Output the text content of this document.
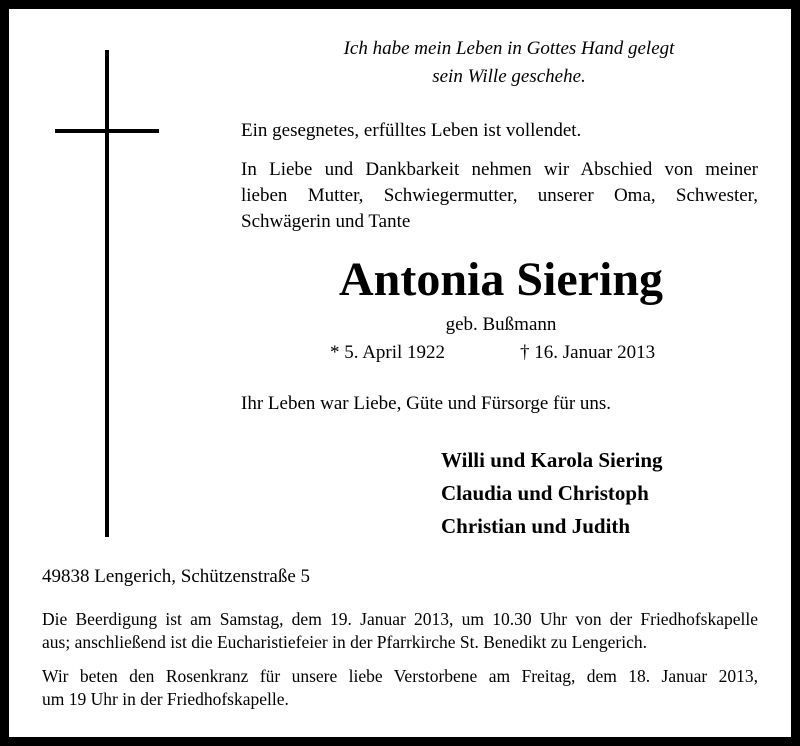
Ich habe mein Leben in Gottes Hand gelegt
sein Wille geschehe.
Ein gesegnetes, erfülltes Leben ist vollendet.
In Liebe und Dankbarkeit nehmen wir Abschied von meiner
lieben Mutter, Schwiegermutter, unserer Oma, Schwester,
Schwägerin und Tante
Antonia Siering
geb. Bußmann
* 5. April 1922	† 16. Januar 2013
Ihr Leben war Liebe, Güte und Fürsorge für uns.
Willi und Karola Siering
Claudia und Christoph
Christian und Judith
49838 Lengerich, Schützenstraße 5
Die Beerdigung ist am Samstag, dem 19. Januar 2013, um 10.30 Uhr von der Friedhofskapelle
aus; anschließend ist die Eucharistiefeier in der Pfarrkirche St. Benedikt zu Lengerich.
Wir beten den Rosenkranz für unsere liebe Verstorbene am Freitag, dem 18. Januar 2013,
um 19 Uhr in der Friedhofskapelle.
